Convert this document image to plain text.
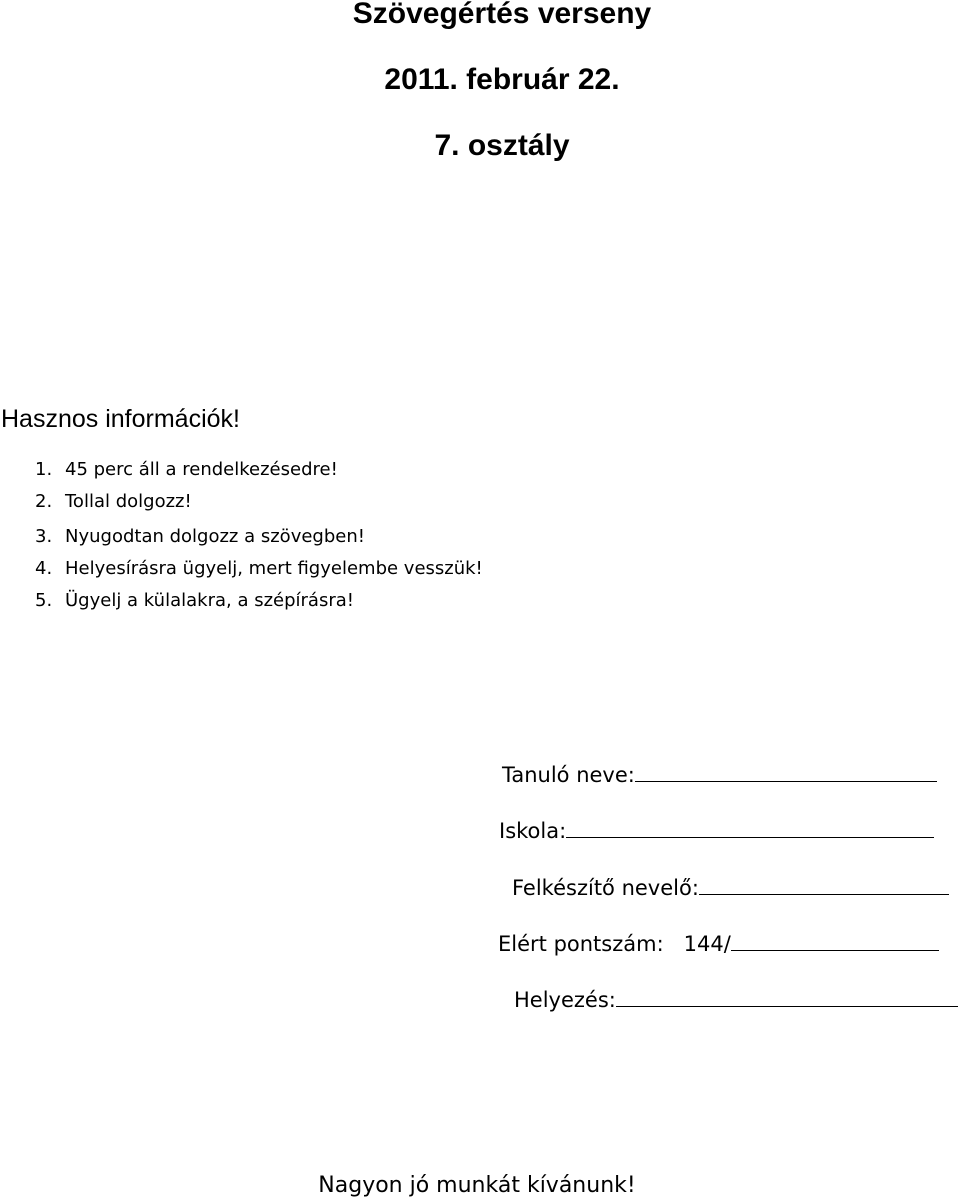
Szövegértés verseny
2011. február 22.
7. osztály
Hasznos információk!
1. 45 perc áll a rendelkezésedre!
2. Tollal dolgozz!
3. Nyugodtan dolgozz a szövegben!
4. Helyesírásra ügyelj, mert figyelembe vesszük!
5. Ügyelj a külalakra, a szépírásra!
Tanuló neve:
Iskola:
Felkészítő nevelő:
Elért pontszám: 144/
Helyezés:
Nagyon jó munkát kívánunk!
